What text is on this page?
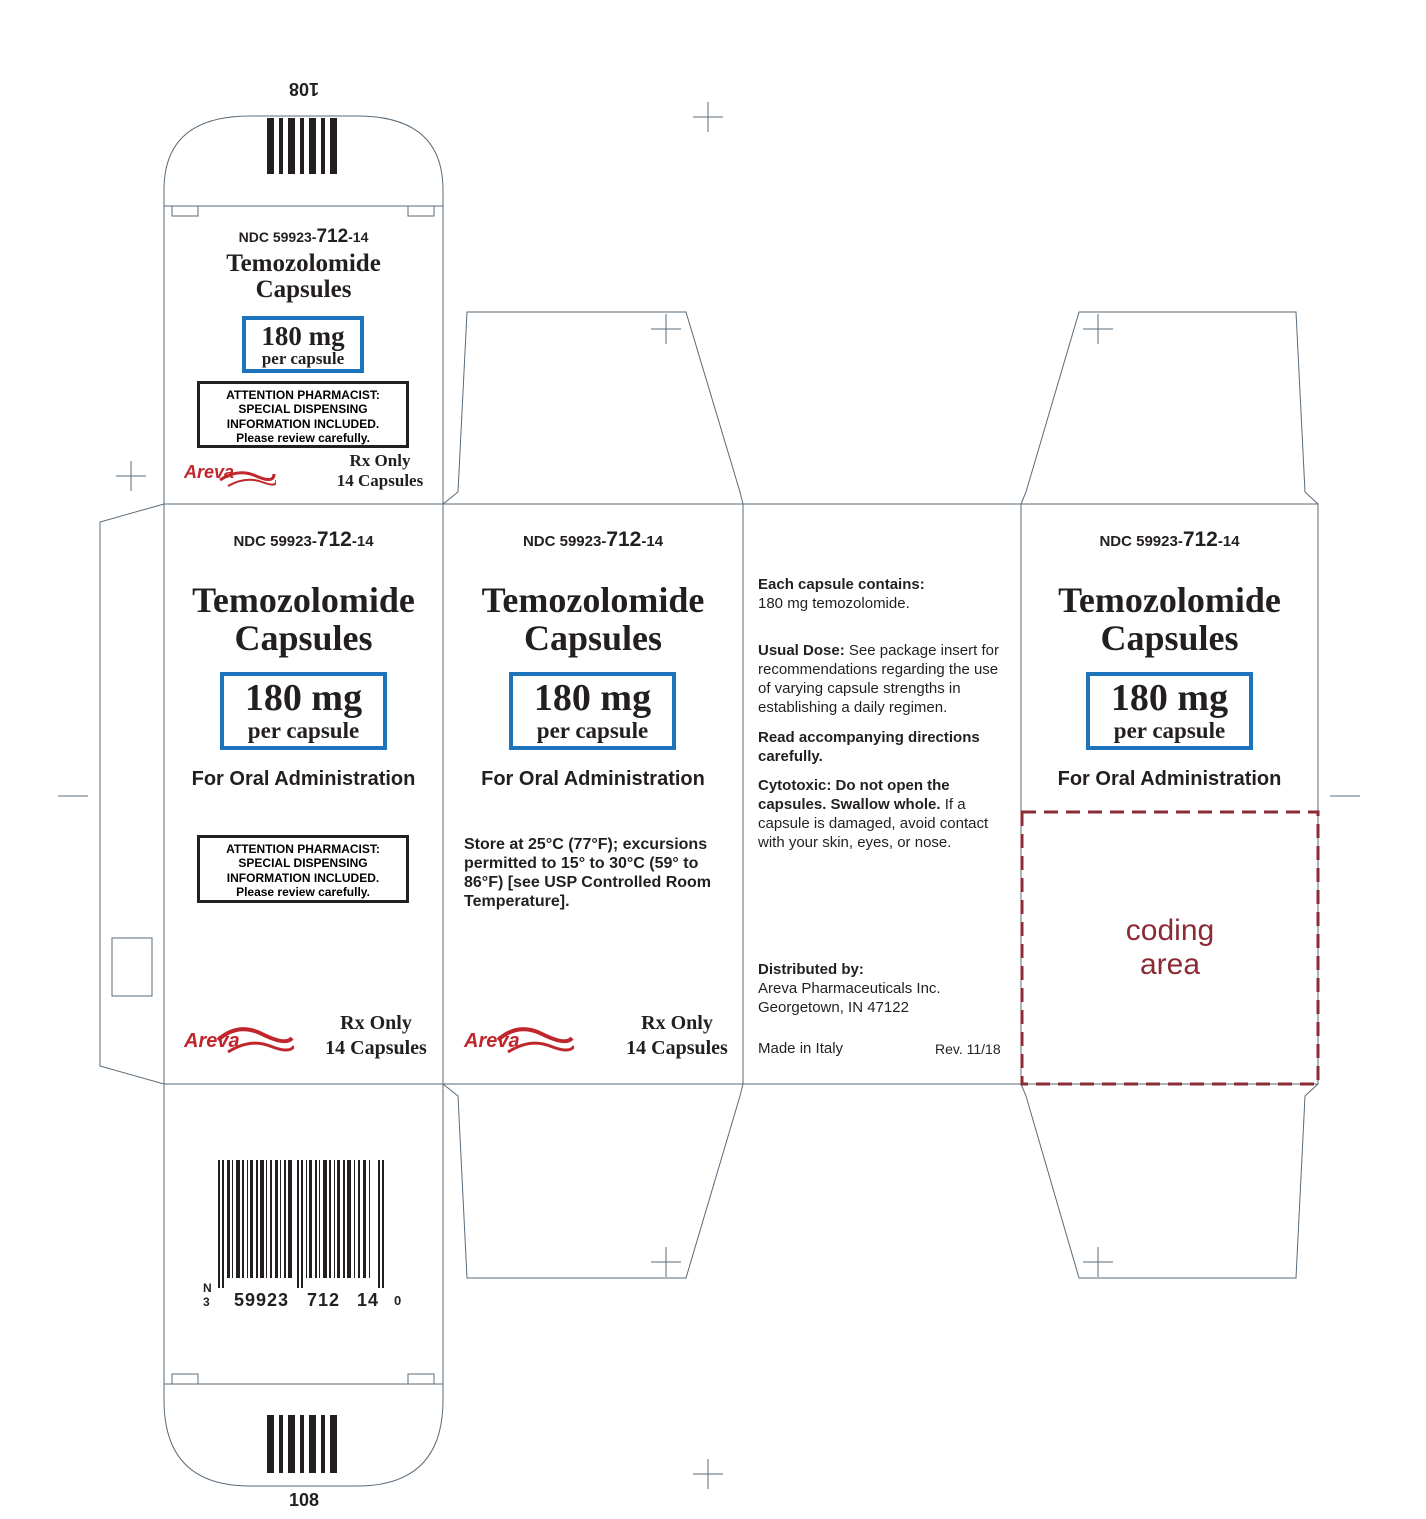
108
NDC 59923-712-14
Temozolomide
Capsules
180 mg
per capsule
ATTENTION PHARMACIST:
SPECIAL DISPENSING
INFORMATION INCLUDED.
Please review carefully.
Areva
Rx Only
14 Capsules
NDC 59923-712-14
Temozolomide
Capsules
180 mg
per capsule
For Oral Administration
ATTENTION PHARMACIST:
SPECIAL DISPENSING
INFORMATION INCLUDED.
Please review carefully.
Areva
Rx Only
14 Capsules
NDC 59923-712-14
Temozolomide
Capsules
180 mg
per capsule
For Oral Administration
Store at 25°C (77°F); excursions permitted to 15° to 30°C (59° to 86°F) [see USP Controlled Room Temperature].
Areva
Rx Only
14 Capsules
Each capsule contains:
180 mg temozolomide.
Usual Dose: See package insert for recommendations regarding the use of varying capsule strengths in establishing a daily regimen.
Read accompanying directions carefully.
Cytotoxic: Do not open the capsules. Swallow whole. If a capsule is damaged, avoid contact with your skin, eyes, or nose.
Distributed by:
Areva Pharmaceuticals Inc.
Georgetown, IN 47122
Made in Italy	Rev. 11/18
NDC 59923-712-14
Temozolomide
Capsules
180 mg
per capsule
For Oral Administration
coding
area
N
3 59923 712 14 0
108
